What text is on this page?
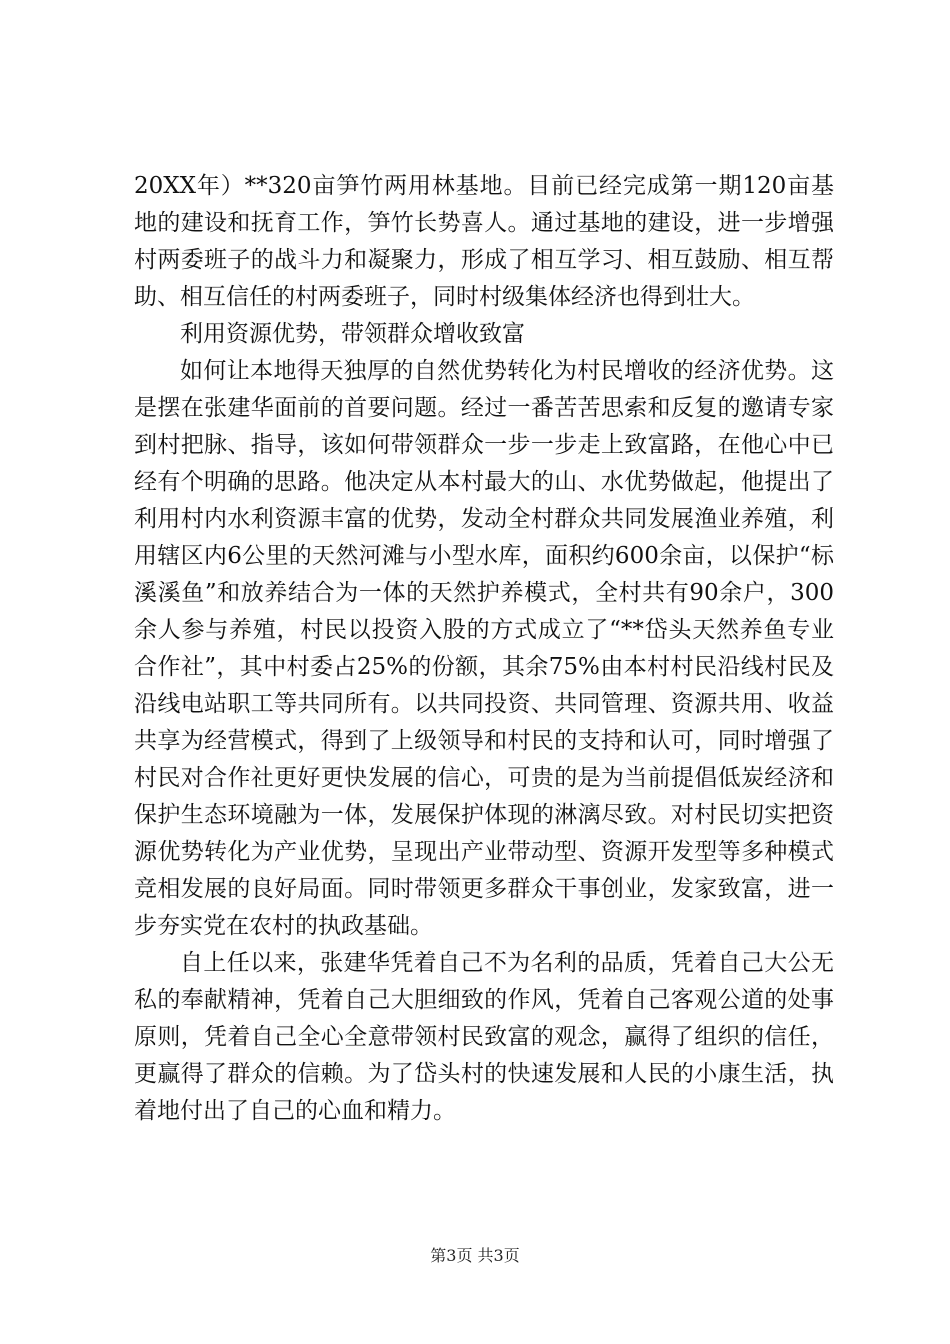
20XX年）**320亩笋竹两用林基地。目前已经完成第一期120亩基地的建设和抚育工作，笋竹长势喜人。通过基地的建设，进一步增强村两委班子的战斗力和凝聚力，形成了相互学习、相互鼓励、相互帮助、相互信任的村两委班子，同时村级集体经济也得到壮大。

利用资源优势，带领群众增收致富

如何让本地得天独厚的自然优势转化为村民增收的经济优势。这是摆在张建华面前的首要问题。经过一番苦苦思索和反复的邀请专家到村把脉、指导，该如何带领群众一步一步走上致富路，在他心中已经有个明确的思路。他决定从本村最大的山、水优势做起，他提出了利用村内水利资源丰富的优势，发动全村群众共同发展渔业养殖，利用辖区内6公里的天然河滩与小型水库，面积约600余亩，以保护“标溪溪鱼”和放养结合为一体的天然护养模式，全村共有90余户，300余人参与养殖，村民以投资入股的方式成立了“**岱头天然养鱼专业合作社”，其中村委占25%的份额，其余75%由本村村民沿线村民及沿线电站职工等共同所有。以共同投资、共同管理、资源共用、收益共享为经营模式，得到了上级领导和村民的支持和认可，同时增强了村民对合作社更好更快发展的信心，可贵的是为当前提倡低炭经济和保护生态环境融为一体，发展保护体现的淋漓尽致。对村民切实把资源优势转化为产业优势，呈现出产业带动型、资源开发型等多种模式竞相发展的良好局面。同时带领更多群众干事创业，发家致富，进一步夯实党在农村的执政基础。

自上任以来，张建华凭着自己不为名利的品质，凭着自己大公无私的奉献精神，凭着自己大胆细致的作风，凭着自己客观公道的处事原则，凭着自己全心全意带领村民致富的观念，赢得了组织的信任，更赢得了群众的信赖。为了岱头村的快速发展和人民的小康生活，执着地付出了自己的心血和精力。

第3页 共3页
